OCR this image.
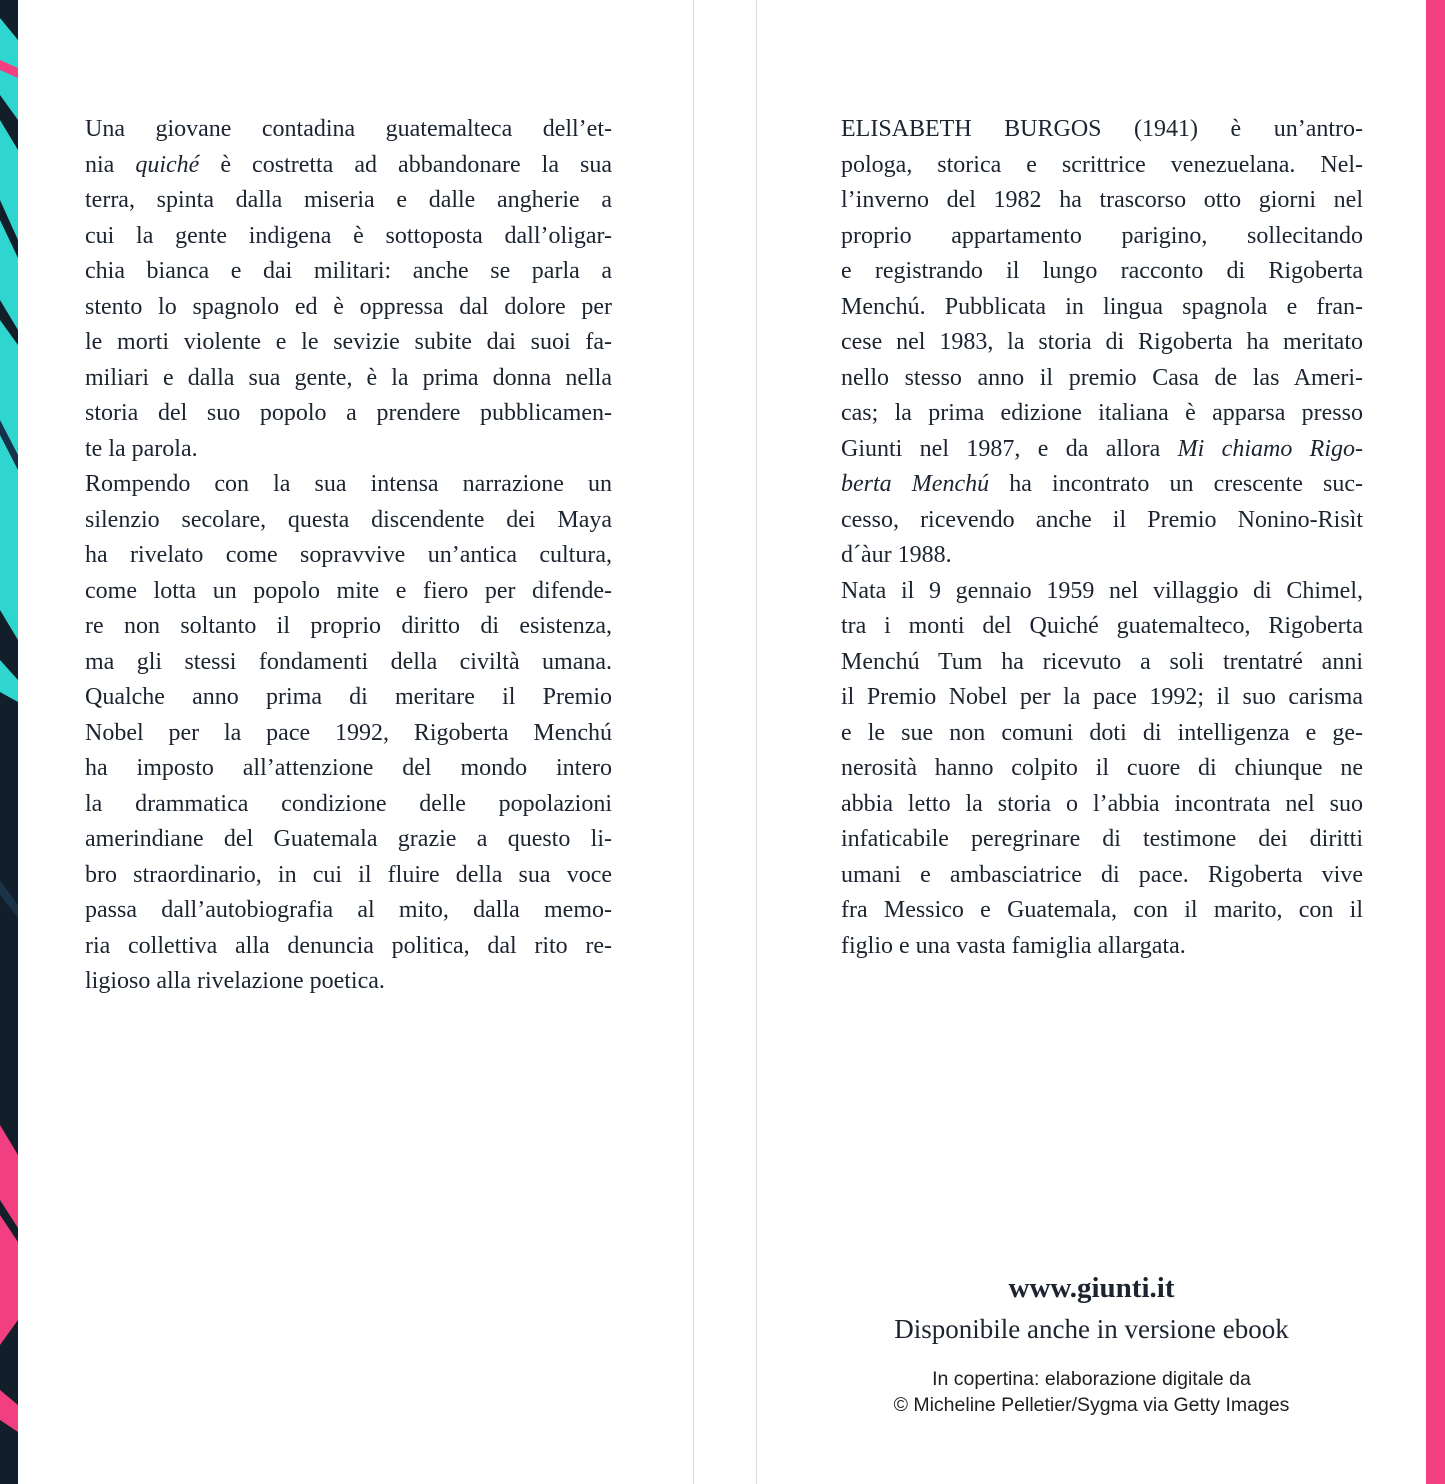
Una giovane contadina guatemalteca dell’et-
nia quiché è costretta ad abbandonare la sua
terra, spinta dalla miseria e dalle angherie a
cui la gente indigena è sottoposta dall’oligar-
chia bianca e dai militari: anche se parla a
stento lo spagnolo ed è oppressa dal dolore per
le morti violente e le sevizie subite dai suoi fa-
miliari e dalla sua gente, è la prima donna nella
storia del suo popolo a prendere pubblicamen-
te la parola.
Rompendo con la sua intensa narrazione un
silenzio secolare, questa discendente dei Maya
ha rivelato come sopravvive un’antica cultura,
come lotta un popolo mite e fiero per difende-
re non soltanto il proprio diritto di esistenza,
ma gli stessi fondamenti della civiltà umana.
Qualche anno prima di meritare il Premio
Nobel per la pace 1992, Rigoberta Menchú
ha imposto all’attenzione del mondo intero
la drammatica condizione delle popolazioni
amerindiane del Guatemala grazie a questo li-
bro straordinario, in cui il fluire della sua voce
passa dall’autobiografia al mito, dalla memo-
ria collettiva alla denuncia politica, dal rito re-
ligioso alla rivelazione poetica.
ELISABETH BURGOS (1941) è un’antro-
pologa, storica e scrittrice venezuelana. Nel-
l’inverno del 1982 ha trascorso otto giorni nel
proprio appartamento parigino, sollecitando
e registrando il lungo racconto di Rigoberta
Menchú. Pubblicata in lingua spagnola e fran-
cese nel 1983, la storia di Rigoberta ha meritato
nello stesso anno il premio Casa de las Ameri-
cas; la prima edizione italiana è apparsa presso
Giunti nel 1987, e da allora Mi chiamo Rigo-
berta Menchú ha incontrato un crescente suc-
cesso, ricevendo anche il Premio Nonino-Risìt
d´àur 1988.
Nata il 9 gennaio 1959 nel villaggio di Chimel,
tra i monti del Quiché guatemalteco, Rigoberta
Menchú Tum ha ricevuto a soli trentatré anni
il Premio Nobel per la pace 1992; il suo carisma
e le sue non comuni doti di intelligenza e ge-
nerosità hanno colpito il cuore di chiunque ne
abbia letto la storia o l’abbia incontrata nel suo
infaticabile peregrinare di testimone dei diritti
umani e ambasciatrice di pace. Rigoberta vive
fra Messico e Guatemala, con il marito, con il
figlio e una vasta famiglia allargata.
www.giunti.it
Disponibile anche in versione ebook
In copertina: elaborazione digitale da
© Micheline Pelletier/Sygma via Getty Images
